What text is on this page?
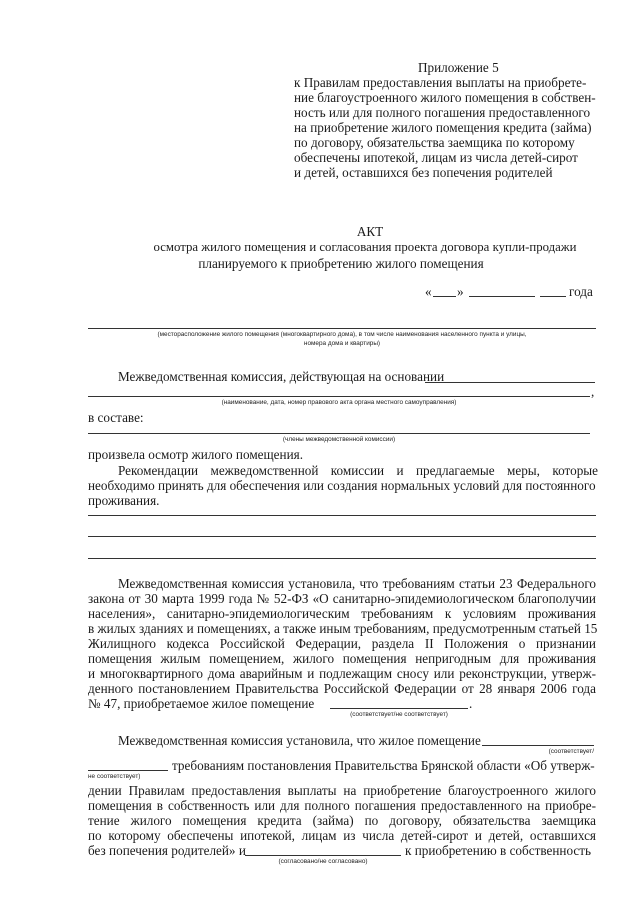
Приложение 5
к Правилам предоставления выплаты на приобрете-
ние благоустроенного жилого помещения в собствен-
ность или для полного погашения предоставленного
на приобретение жилого помещения кредита (займа)
по договору, обязательства заемщика по которому
обеспечены ипотекой, лицам из числа детей-сирот
и детей, оставшихся без попечения родителей
АКТ
осмотра жилого помещения и согласования проекта договора купли-продажи
планируемого к приобретению жилого помещения
« »	года
(месторасположение жилого помещения (многоквартирного дома), в том числе наименования населенного пункта и улицы,
номера дома и квартиры)
Межведомственная комиссия, действующая на основании
,
(наименование, дата, номер правового акта органа местного самоуправления)
в составе:
(члены межведомственной комиссии)
произвела осмотр жилого помещения.
Рекомендации межведомственной комиссии и предлагаемые меры, которые
необходимо принять для обеспечения или создания нормальных условий для постоянного
проживания.
Межведомственная комиссия установила, что требованиям статьи 23 Федерального
закона от 30 марта 1999 года № 52-ФЗ «О санитарно-эпидемиологическом благополучии
населения», санитарно-эпидемиологическим требованиям к условиям проживания
в жилых зданиях и помещениях, а также иным требованиям, предусмотренным статьей 15
Жилищного кодекса Российской Федерации, раздела II Положения о признании
помещения жилым помещением, жилого помещения непригодным для проживания
и многоквартирного дома аварийным и подлежащим сносу или реконструкции, утверж-
денного постановлением Правительства Российской Федерации от 28 января 2006 года
№ 47, приобретаемое жилое помещение	.
(соответствует/не соответствует)
Межведомственная комиссия установила, что жилое помещение
(соответствует/
требованиям постановления Правительства Брянской области «Об утверж-
не соответствует)
дении Правилам предоставления выплаты на приобретение благоустроенного жилого
помещения в собственность или для полного погашения предоставленного на приобре-
тение жилого помещения кредита (займа) по договору, обязательства заемщика
по которому обеспечены ипотекой, лицам из числа детей-сирот и детей, оставшихся
без попечения родителей» и	к приобретению в собственность
(согласовано/не согласовано)
